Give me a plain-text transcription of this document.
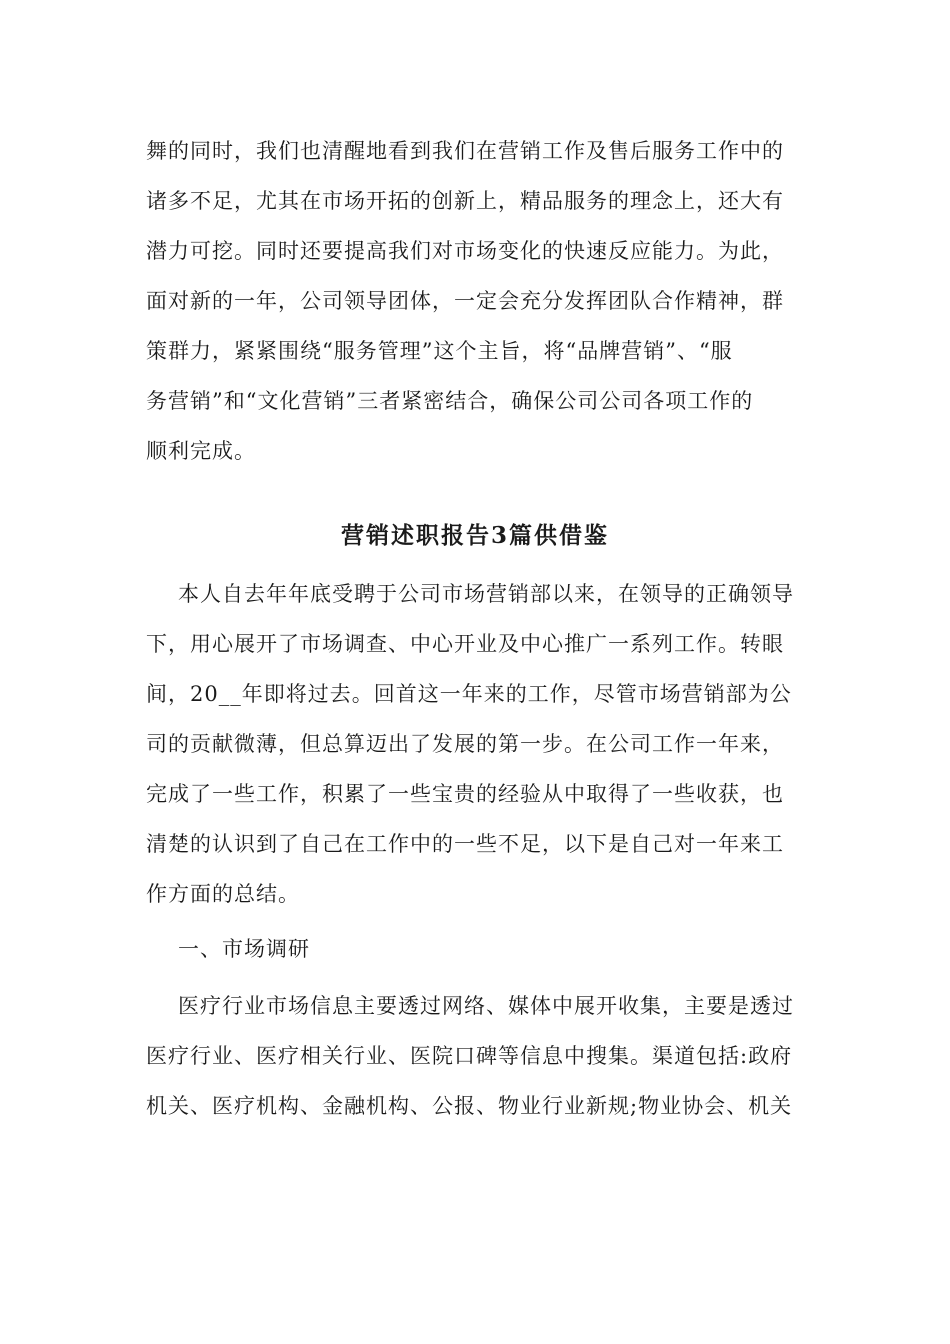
舞的同时，我们也清醒地看到我们在营销工作及售后服务工作中的
诸多不足，尤其在市场开拓的创新上，精品服务的理念上，还大有
潜力可挖。同时还要提高我们对市场变化的快速反应能力。为此，
面对新的一年，公司领导团体，一定会充分发挥团队合作精神，群
策群力，紧紧围绕“服务管理”这个主旨，将“品牌营销”、“服
务营销”和“文化营销”三者紧密结合，确保公司公司各项工作的
顺利完成。
营销述职报告3篇供借鉴
本人自去年年底受聘于公司市场营销部以来，在领导的正确领导
下，用心展开了市场调查、中心开业及中心推广一系列工作。转眼
间，20__年即将过去。回首这一年来的工作，尽管市场营销部为公
司的贡献微薄，但总算迈出了发展的第一步。在公司工作一年来，
完成了一些工作，积累了一些宝贵的经验从中取得了一些收获，也
清楚的认识到了自己在工作中的一些不足，以下是自己对一年来工
作方面的总结。
一、市场调研
医疗行业市场信息主要透过网络、媒体中展开收集，主要是透过
医疗行业、医疗相关行业、医院口碑等信息中搜集。渠道包括:政府
机关、医疗机构、金融机构、公报、物业行业新规;物业协会、机关
